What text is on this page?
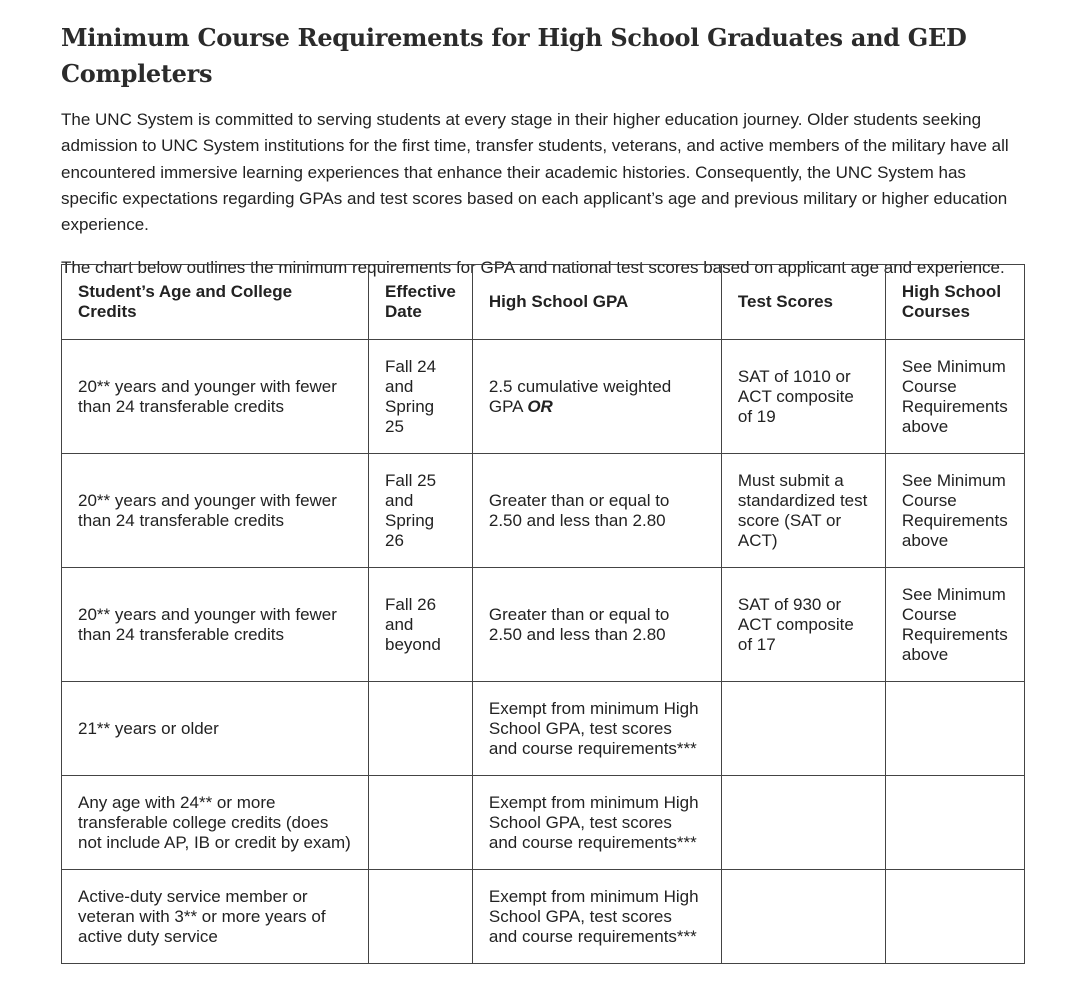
Minimum Course Requirements for High School Graduates and GED Completers

The UNC System is committed to serving students at every stage in their higher education journey. Older students seeking admission to UNC System institutions for the first time, transfer students, veterans, and active members of the military have all encountered immersive learning experiences that enhance their academic histories. Consequently, the UNC System has specific expectations regarding GPAs and test scores based on each applicant’s age and previous military or higher education experience.

The chart below outlines the minimum requirements for GPA and national test scores based on applicant age and experience.

Student’s Age and College Credits	Effective Date	High School GPA	Test Scores	High School Courses
20** years and younger with fewer than 24 transferable credits	Fall 24 and Spring 25	2.5 cumulative weighted GPA OR	SAT of 1010 or ACT composite of 19	See Minimum Course Requirements above
20** years and younger with fewer than 24 transferable credits	Fall 25 and Spring 26	Greater than or equal to 2.50 and less than 2.80	Must submit a standardized test score (SAT or ACT)	See Minimum Course Requirements above
20** years and younger with fewer than 24 transferable credits	Fall 26 and beyond	Greater than or equal to 2.50 and less than 2.80	SAT of 930 or ACT composite of 17	See Minimum Course Requirements above
21** years or older		Exempt from minimum High School GPA, test scores and course requirements***		
Any age with 24** or more transferable college credits (does not include AP, IB or credit by exam)		Exempt from minimum High School GPA, test scores and course requirements***		
Active-duty service member or veteran with 3** or more years of active duty service		Exempt from minimum High School GPA, test scores and course requirements***		
